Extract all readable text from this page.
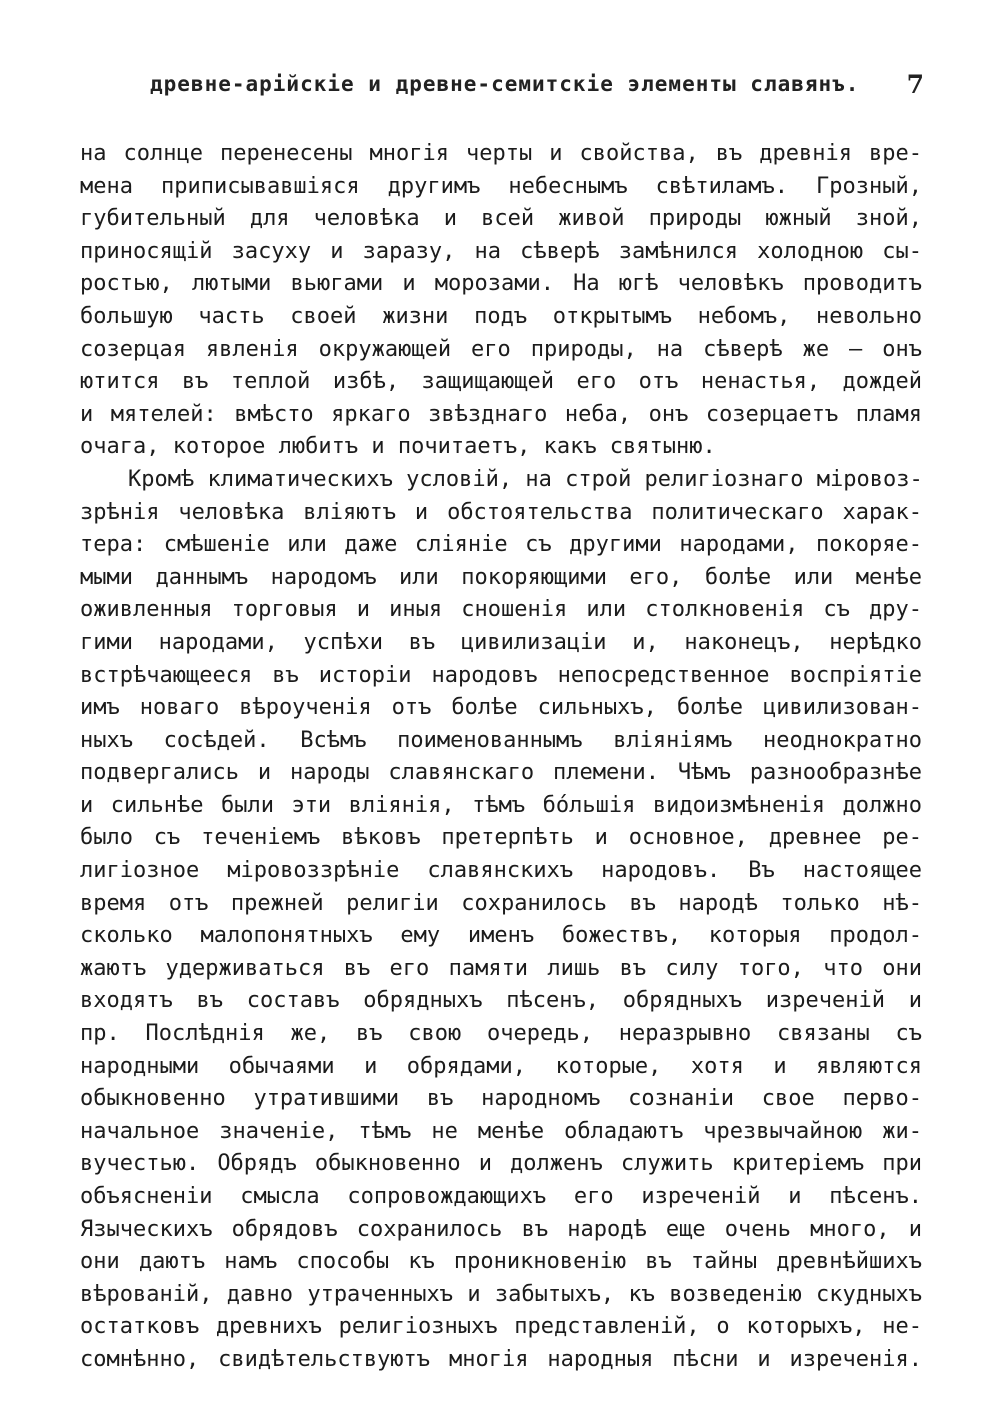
древне-арійскіе и древне-семитскіе элементы славянъ. 7
на солнце перенесены многія черты и свойства, въ древнія вре-
мена приписывавшіяся другимъ небеснымъ свѣтиламъ. Грозный,
губительный для человѣка и всей живой природы южный зной,
приносящій засуху и заразу, на сѣверѣ замѣнился холодною сы-
ростью, лютыми вьюгами и морозами. На югѣ человѣкъ проводитъ
большую часть своей жизни подъ открытымъ небомъ, невольно
созерцая явленія окружающей его природы, на сѣверѣ же — онъ
ютится въ теплой избѣ, защищающей его отъ ненастья, дождей
и мятелей: вмѣсто яркаго звѣзднаго неба, онъ созерцаетъ пламя
очага, которое любитъ и почитаетъ, какъ святыню.
Кромѣ климатическихъ условій, на строй религіознаго міровоз-
зрѣнія человѣка вліяютъ и обстоятельства политическаго харак-
тера: смѣшеніе или даже сліяніе съ другими народами, покоряе-
мыми даннымъ народомъ или покоряющими его, болѣе или менѣе
оживленныя торговыя и иныя сношенія или столкновенія съ дру-
гими народами, успѣхи въ цивилизаціи и, наконецъ, нерѣдко
встрѣчающееся въ исторіи народовъ непосредственное воспріятіе
имъ новаго вѣроученія отъ болѣе сильныхъ, болѣе цивилизован-
ныхъ сосѣдей. Всѣмъ поименованнымъ вліяніямъ неоднократно
подвергались и народы славянскаго племени. Чѣмъ разнообразнѣе
и сильнѣе были эти вліянія, тѣмъ бóльшія видоизмѣненія должно
было съ теченіемъ вѣковъ претерпѣть и основное, древнее ре-
лигіозное міровоззрѣніе славянскихъ народовъ. Въ настоящее
время отъ прежней религіи сохранилось въ народѣ только нѣ-
сколько малопонятныхъ ему именъ божествъ, которыя продол-
жаютъ удерживаться въ его памяти лишь въ силу того, что они
входятъ въ составъ обрядныхъ пѣсенъ, обрядныхъ изреченій и
пр. Послѣднія же, въ свою очередь, неразрывно связаны съ
народными обычаями и обрядами, которые, хотя и являются
обыкновенно утратившими въ народномъ сознаніи свое перво-
начальное значеніе, тѣмъ не менѣе обладаютъ чрезвычайною жи-
вучестью. Обрядъ обыкновенно и долженъ служить критеріемъ при
объясненіи смысла сопровождающихъ его изреченій и пѣсенъ.
Языческихъ обрядовъ сохранилось въ народѣ еще очень много, и
они даютъ намъ способы къ проникновенію въ тайны древнѣйшихъ
вѣрованій, давно утраченныхъ и забытыхъ, къ возведенію скудныхъ
остатковъ древнихъ религіозныхъ представленій, о которыхъ, не-
сомнѣнно, свидѣтельствуютъ многія народныя пѣсни и изреченія.
